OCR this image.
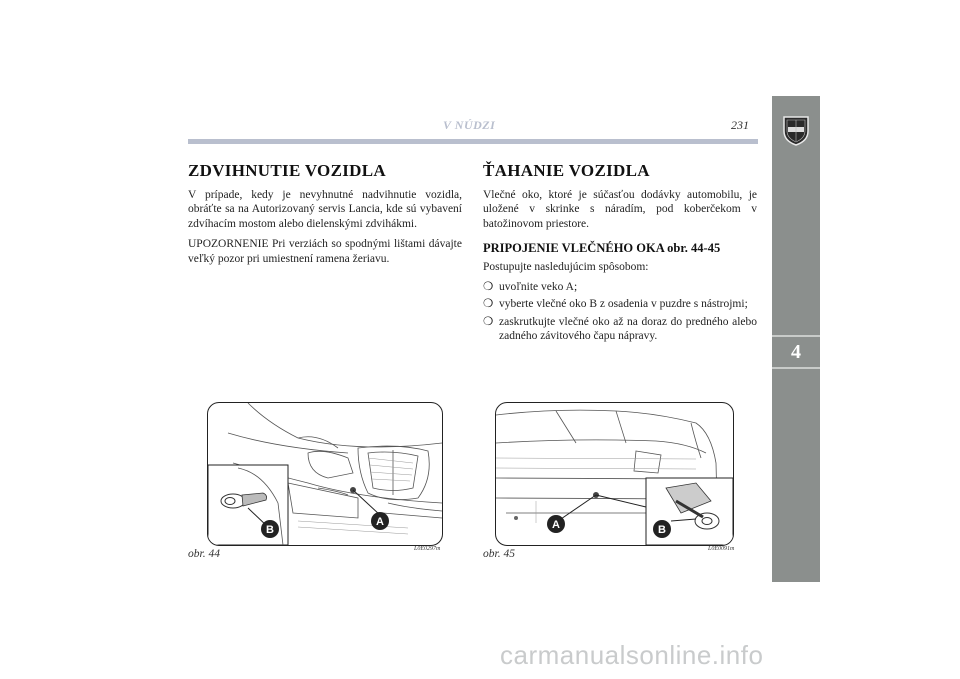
V NÚDZI	231
4
ZDVIHNUTIE VOZIDLA

V prípade, kedy je nevyhnutné nadvihnutie vozidla, obráťte sa na Autorizovaný servis Lancia, kde sú vybavení zdvíhacím mostom alebo dielenskými zdvihákmi.

UPOZORNENIE Pri verziách so spodnými lištami dávajte veľký pozor pri umiestnení ramena žeriavu.

ŤAHANIE VOZIDLA

Vlečné oko, ktoré je súčasťou dodávky automobilu, je uložené v skrinke s náradím, pod koberčekom v batožinovom priestore.

PRIPOJENIE VLEČNÉHO OKA obr. 44-45

Postupujte nasledujúcim spôsobom:

❍ uvoľnite veko A;
❍ vyberte vlečné oko B z osadenia v puzdre s nástrojmi;
❍ zaskrutkujte vlečné oko až na doraz do predného alebo zadného závitového čapu nápravy.
A
B
obr. 44	L0E0297m
A	B
obr. 45	L0E0091m
carmanualsonline.info
